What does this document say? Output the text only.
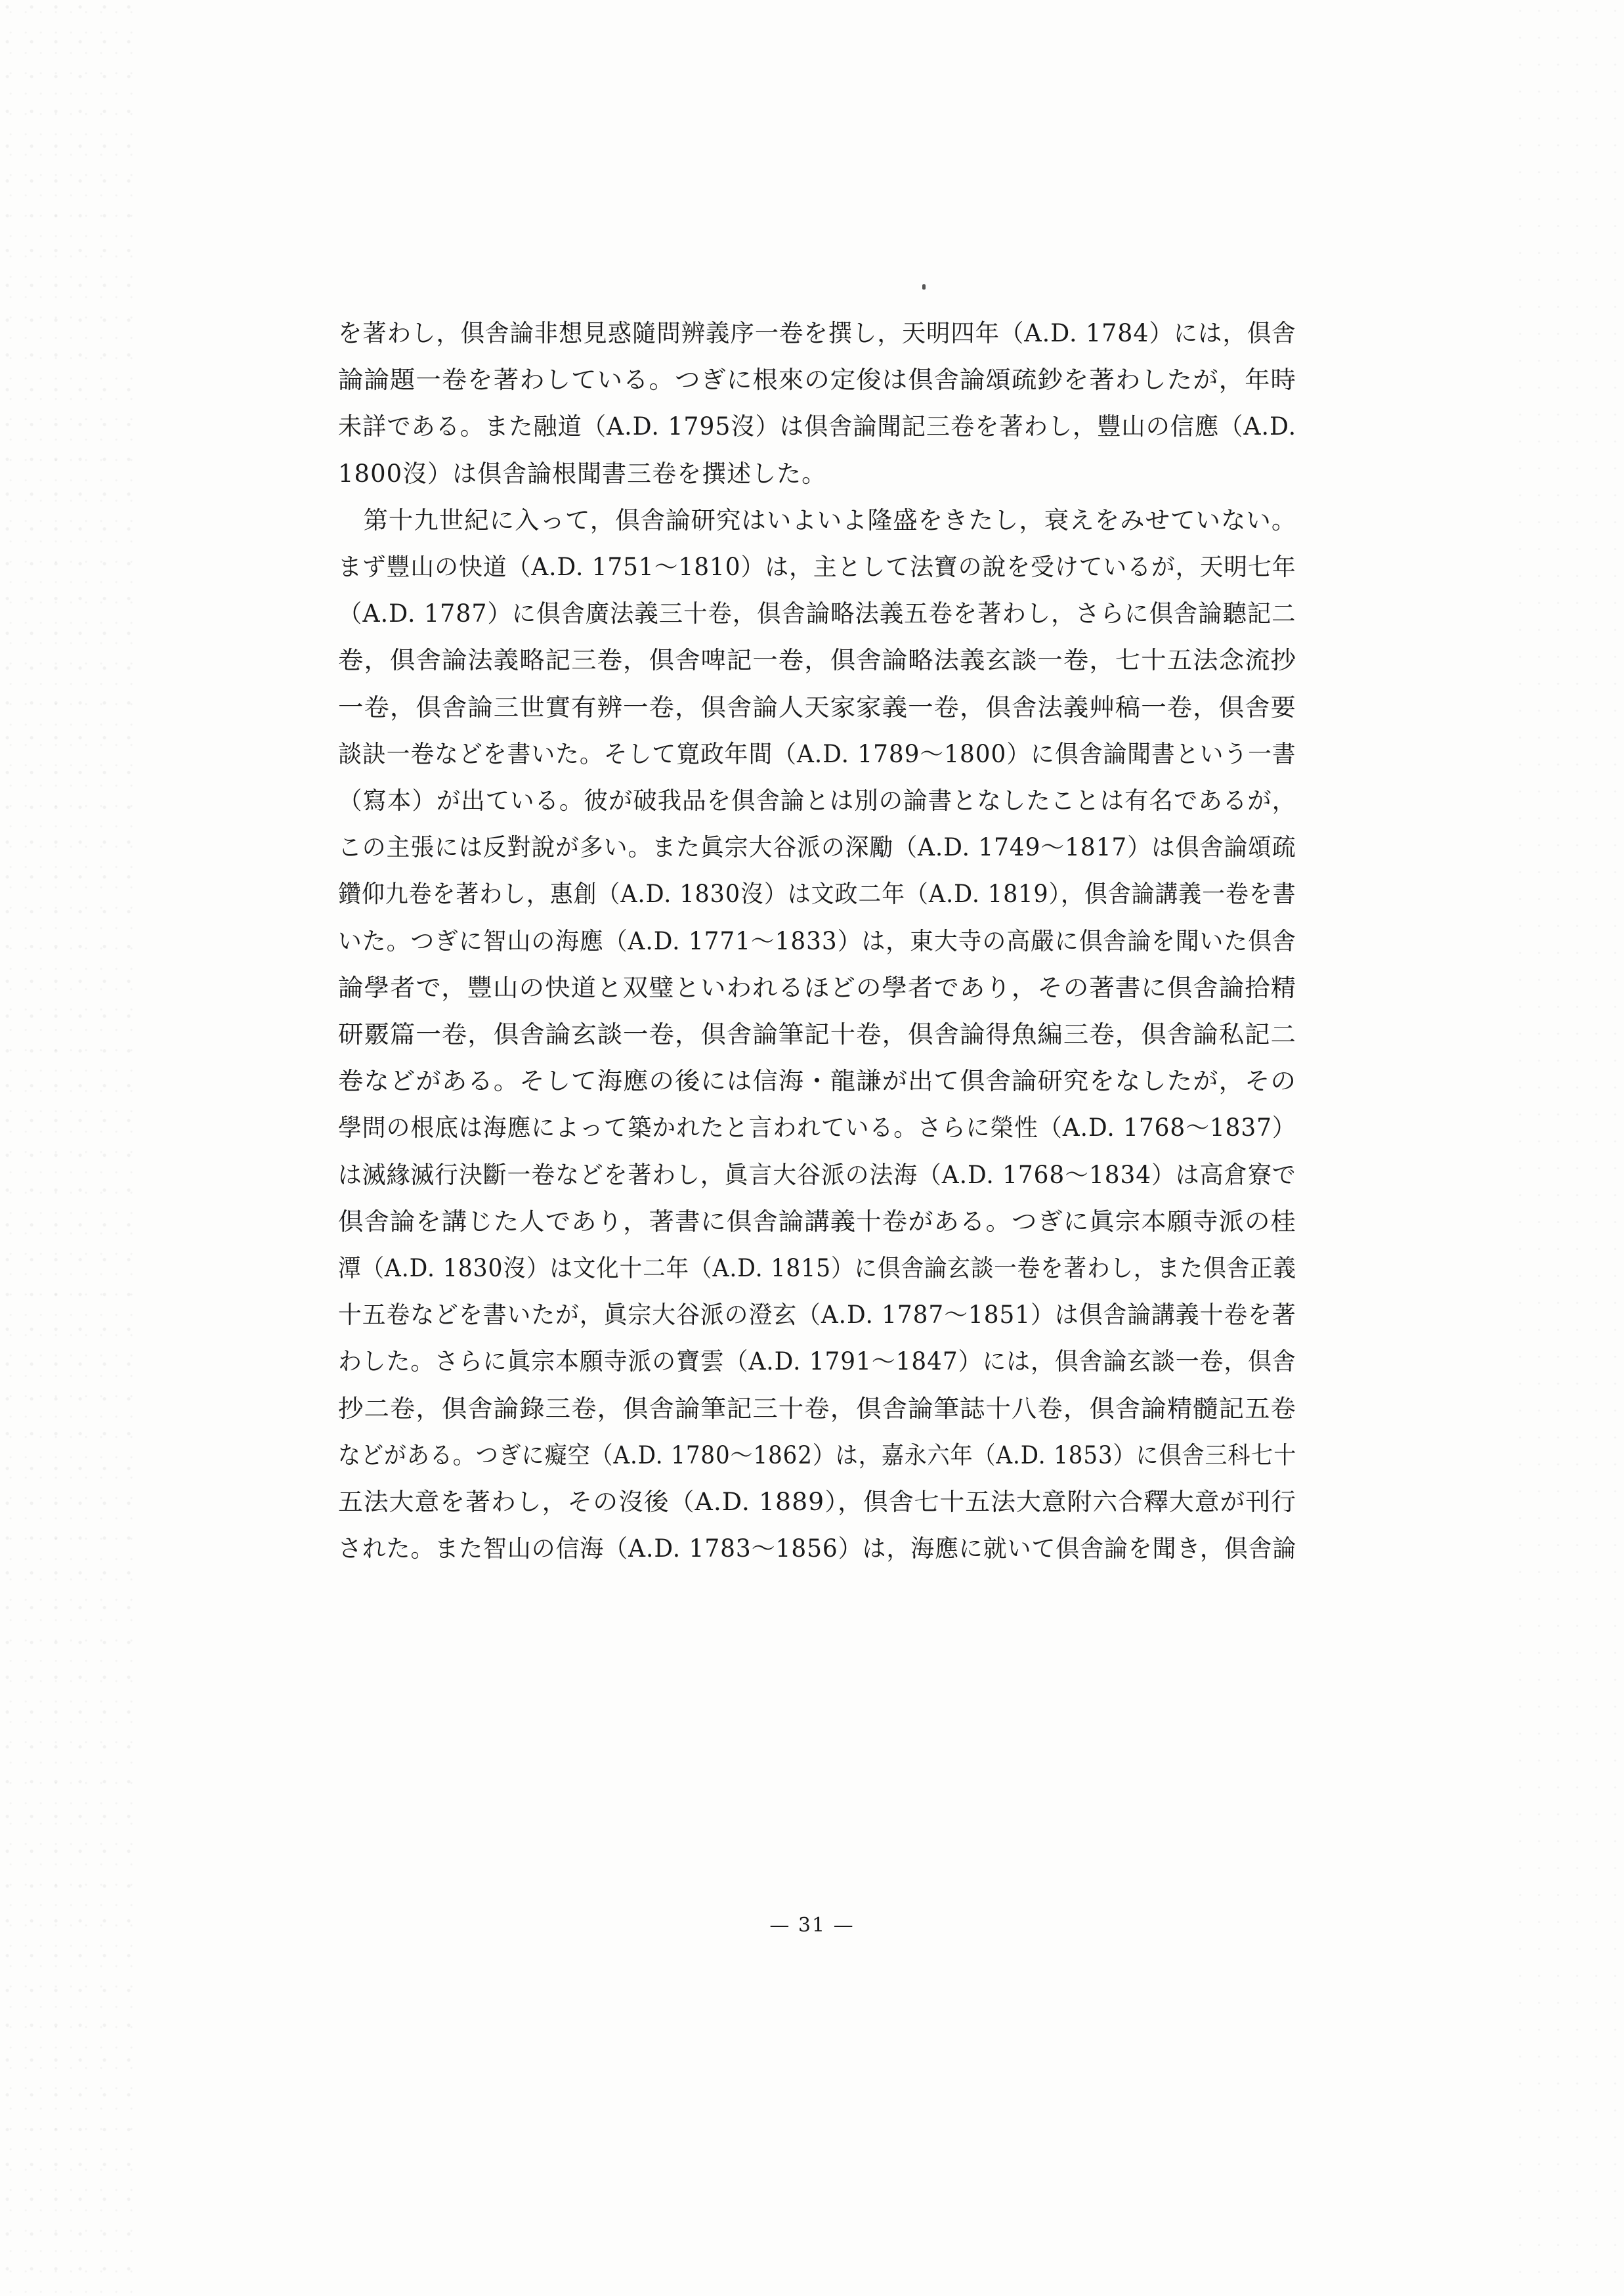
を著わし，倶舎論非想見惑隨問辨義序一卷を撰し，天明四年（A.D. 1784）には，倶舎
論論題一卷を著わしている。つぎに根來の定俊は倶舎論頌疏鈔を著わしたが，年時
未詳である。また融道（A.D. 1795沒）は倶舎論聞記三卷を著わし，豐山の信應（A.D.
1800沒）は倶舎論根聞書三卷を撰述した。
　第十九世紀に入って，倶舎論研究はいよいよ隆盛をきたし，衰えをみせていない。
まず豐山の快道（A.D. 1751～1810）は，主として法寶の說を受けているが，天明七年
（A.D. 1787）に倶舎廣法義三十卷，倶舎論略法義五卷を著わし，さらに倶舎論聽記二
卷，倶舎論法義略記三卷，倶舎啤記一卷，倶舎論略法義玄談一卷，七十五法念流抄
一卷，倶舎論三世實有辨一卷，倶舎論人天家家義一卷，倶舎法義艸稿一卷，倶舎要
談訣一卷などを書いた。そして寛政年間（A.D. 1789～1800）に倶舎論聞書という一書
（寫本）が出ている。彼が破我品を倶舎論とは別の論書となしたことは有名であるが，
この主張には反對說が多い。また眞宗大谷派の深勵（A.D. 1749～1817）は倶舎論頌疏
鑽仰九卷を著わし，惠創（A.D. 1830沒）は文政二年（A.D. 1819），倶舎論講義一卷を書
いた。つぎに智山の海應（A.D. 1771～1833）は，東大寺の高嚴に倶舎論を聞いた倶舎
論學者で，豐山の快道と双璧といわれるほどの學者であり，その著書に倶舎論拾精
研覈篇一卷，倶舎論玄談一卷，倶舎論筆記十卷，倶舎論得魚編三卷，倶舎論私記二
卷などがある。そして海應の後には信海・龍謙が出て倶舎論研究をなしたが，その
學問の根底は海應によって築かれたと言われている。さらに榮性（A.D. 1768～1837）
は滅緣滅行決斷一卷などを著わし，眞言大谷派の法海（A.D. 1768～1834）は高倉寮で
倶舎論を講じた人であり，著書に倶舎論講義十卷がある。つぎに眞宗本願寺派の桂
潭（A.D. 1830沒）は文化十二年（A.D. 1815）に倶舎論玄談一卷を著わし，また倶舎正義
十五卷などを書いたが，眞宗大谷派の澄玄（A.D. 1787～1851）は倶舎論講義十卷を著
わした。さらに眞宗本願寺派の寶雲（A.D. 1791～1847）には，倶舎論玄談一卷，倶舎
抄二卷，倶舎論錄三卷，倶舎論筆記三十卷，倶舎論筆誌十八卷，倶舎論精髓記五卷
などがある。つぎに癡空（A.D. 1780～1862）は，嘉永六年（A.D. 1853）に倶舎三科七十
五法大意を著わし，その沒後（A.D. 1889），倶舎七十五法大意附六合釋大意が刊行
された。また智山の信海（A.D. 1783～1856）は，海應に就いて倶舎論を聞き，倶舎論
— 31 —
